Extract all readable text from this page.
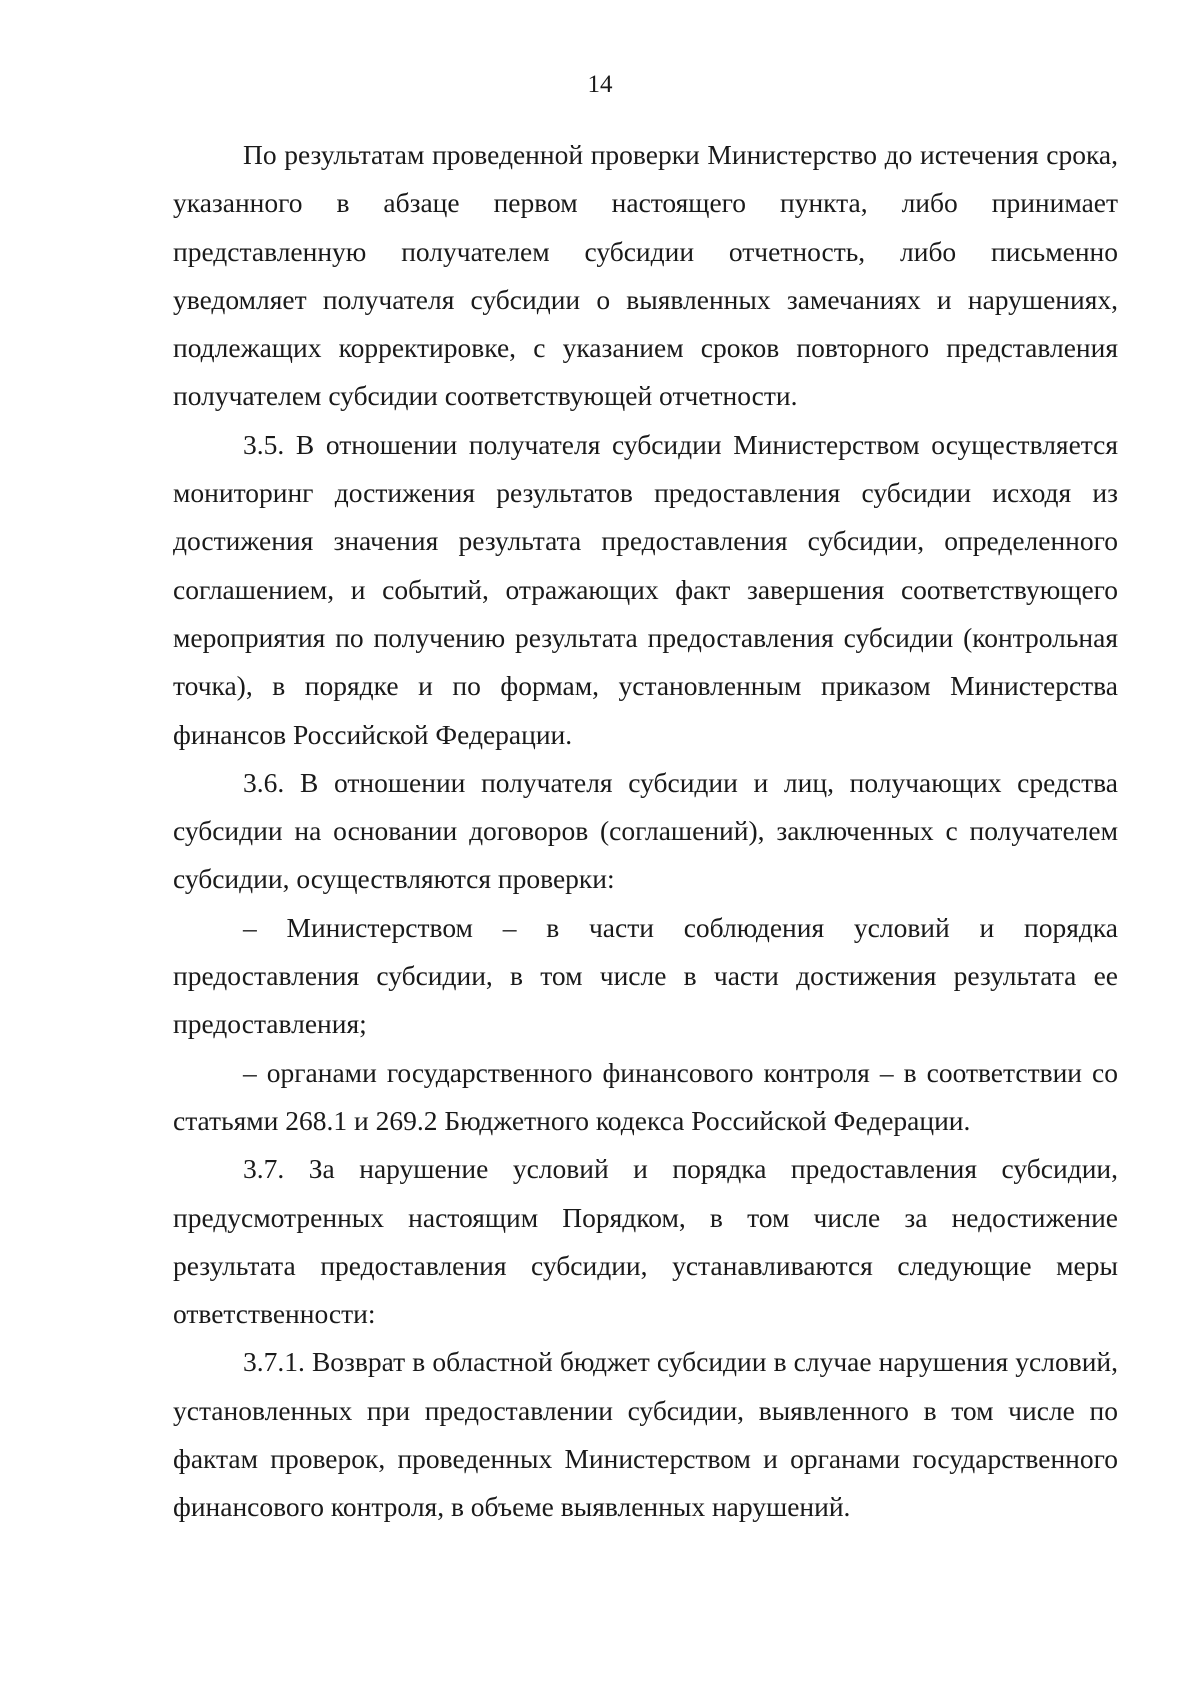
14

По результатам проведенной проверки Министерство до истечения срока, указанного в абзаце первом настоящего пункта, либо принимает представленную получателем субсидии отчетность, либо письменно уведомляет получателя субсидии о выявленных замечаниях и нарушениях, подлежащих корректировке, с указанием сроков повторного представления получателем субсидии соответствующей отчетности.

3.5. В отношении получателя субсидии Министерством осуществляется мониторинг достижения результатов предоставления субсидии исходя из достижения значения результата предоставления субсидии, определенного соглашением, и событий, отражающих факт завершения соответствующего мероприятия по получению результата предоставления субсидии (контрольная точка), в порядке и по формам, установленным приказом Министерства финансов Российской Федерации.

3.6. В отношении получателя субсидии и лиц, получающих средства субсидии на основании договоров (соглашений), заключенных с получателем субсидии, осуществляются проверки:

– Министерством – в части соблюдения условий и порядка предоставления субсидии, в том числе в части достижения результата ее предоставления;

– органами государственного финансового контроля – в соответствии со статьями 268.1 и 269.2 Бюджетного кодекса Российской Федерации.

3.7. За нарушение условий и порядка предоставления субсидии, предусмотренных настоящим Порядком, в том числе за недостижение результата предоставления субсидии, устанавливаются следующие меры ответственности:

3.7.1. Возврат в областной бюджет субсидии в случае нарушения условий, установленных при предоставлении субсидии, выявленного в том числе по фактам проверок, проведенных Министерством и органами государственного финансового контроля, в объеме выявленных нарушений.
